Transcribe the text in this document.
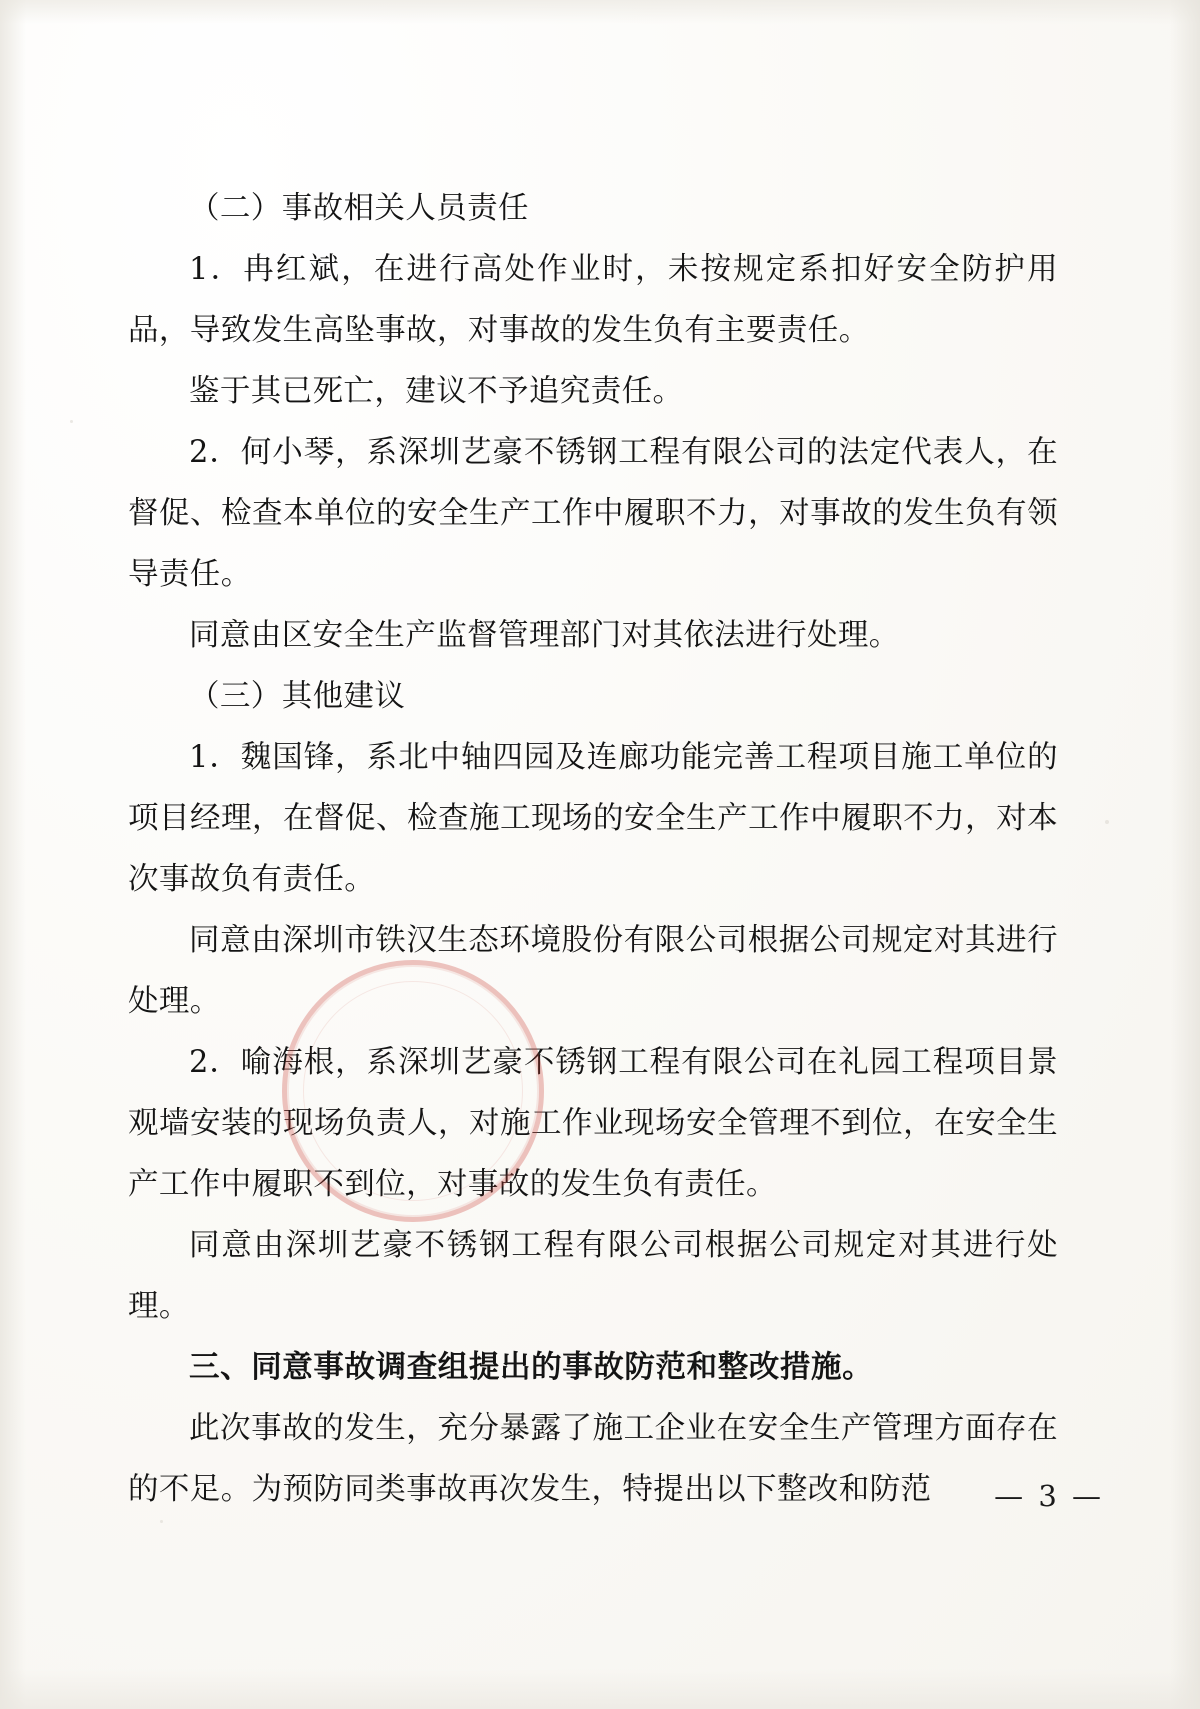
（二）事故相关人员责任

1．冉红斌，在进行高处作业时，未按规定系扣好安全防护用品，导致发生高坠事故，对事故的发生负有主要责任。

鉴于其已死亡，建议不予追究责任。

2．何小琴，系深圳艺豪不锈钢工程有限公司的法定代表人，在督促、检查本单位的安全生产工作中履职不力，对事故的发生负有领导责任。

同意由区安全生产监督管理部门对其依法进行处理。

（三）其他建议

1．魏国锋，系北中轴四园及连廊功能完善工程项目施工单位的项目经理，在督促、检查施工现场的安全生产工作中履职不力，对本次事故负有责任。

同意由深圳市铁汉生态环境股份有限公司根据公司规定对其进行处理。

2．喻海根，系深圳艺豪不锈钢工程有限公司在礼园工程项目景观墙安装的现场负责人，对施工作业现场安全管理不到位，在安全生产工作中履职不到位，对事故的发生负有责任。

同意由深圳艺豪不锈钢工程有限公司根据公司规定对其进行处理。

三、同意事故调查组提出的事故防范和整改措施。

此次事故的发生，充分暴露了施工企业在安全生产管理方面存在的不足。为预防同类事故再次发生，特提出以下整改和防范	— 3 —
